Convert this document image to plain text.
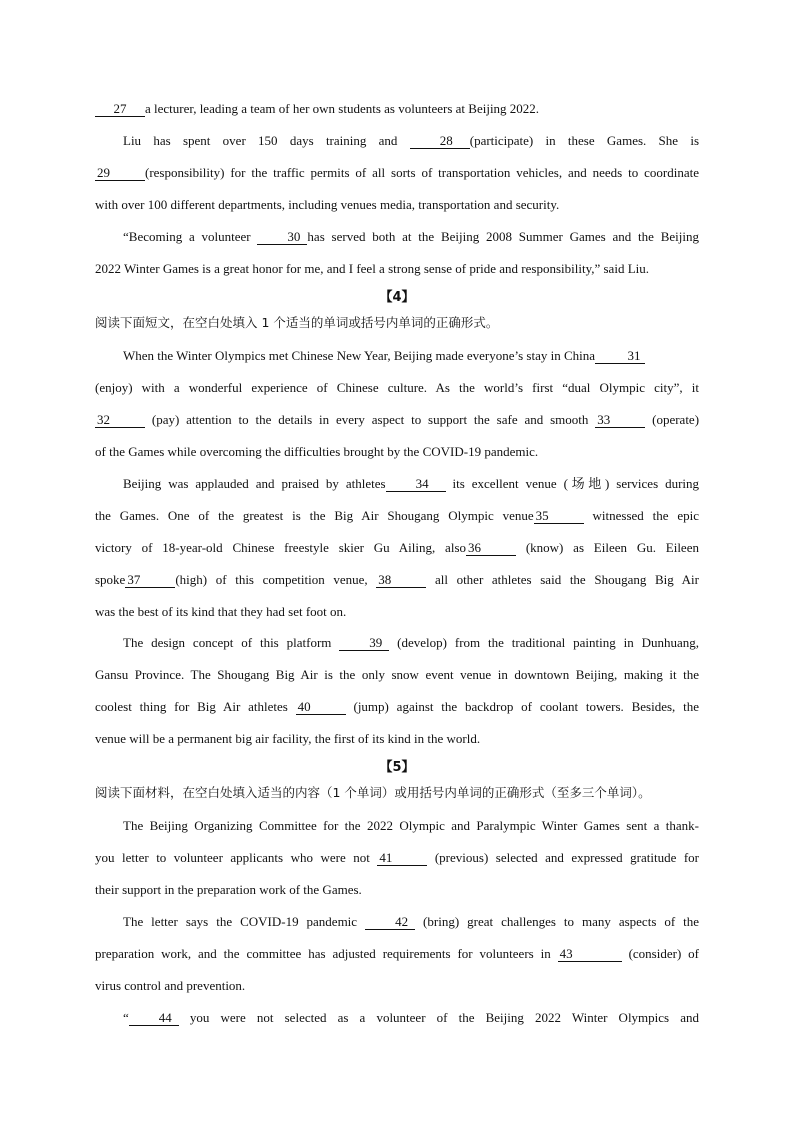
27 a lecturer, leading a team of her own students as volunteers at Beijing 2022.
Liu has spent over 150 days training and	28 (participate) in these Games. She is
29	(responsibility) for the traffic permits of all sorts of transportation vehicles, and needs to coordinate
with over 100 different departments, including venues media, transportation and security.
“Becoming a volunteer	30 has served both at the Beijing 2008 Summer Games and the Beijing
2022 Winter Games is a great honor for me, and I feel a strong sense of pride and responsibility,” said Liu.
【4】
阅读下面短文，在空白处填入 1 个适当的单词或括号内单词的正确形式。
When the Winter Olympics met Chinese New Year, Beijing made everyone’s stay in China	31
(enjoy) with a wonderful experience of Chinese culture. As the world’s first “dual Olympic city”, it
32	(pay) attention to the details in every aspect to support the safe and smooth 33	(operate)
of the Games while overcoming the difficulties brought by the COVID-19 pandemic.
Beijing was applauded and praised by athletes 34 its excellent venue (场地) services during
the Games. One of the greatest is the Big Air Shougang Olympic venue 35	witnessed the epic
victory of 18-year-old Chinese freestyle skier Gu Ailing, also 36	(know) as Eileen Gu. Eileen
spoke 37	(high) of this competition venue, 38	all other athletes said the Shougang Big Air
was the best of its kind that they had set foot on.
The design concept of this platform	39 (develop) from the traditional painting in Dunhuang,
Gansu Province. The Shougang Big Air is the only snow event venue in downtown Beijing, making it the
coolest thing for Big Air athletes 40	(jump) against the backdrop of coolant towers. Besides, the
venue will be a permanent big air facility, the first of its kind in the world.
【5】
阅读下面材料，在空白处填入适当的内容（1 个单词）或用括号内单词的正确形式（至多三个单词）。
The Beijing Organizing Committee for the 2022 Olympic and Paralympic Winter Games sent a thank-
you letter to volunteer applicants who were not 41	(previous) selected and expressed gratitude for
their support in the preparation work of the Games.
The letter says the COVID-19 pandemic	42 (bring) great challenges to many aspects of the
preparation work, and the committee has adjusted requirements for volunteers in 43	(consider) of
virus control and prevention.
“ 44 you were not selected as a volunteer of the Beijing 2022 Winter Olympics and
